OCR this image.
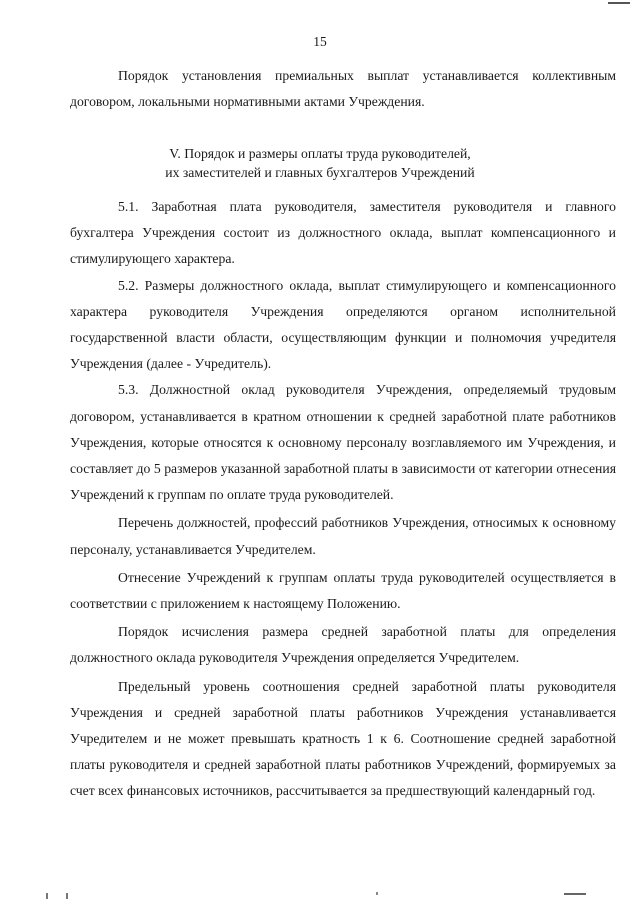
15

Порядок установления премиальных выплат устанавливается коллективным договором, локальными нормативными актами Учреждения.

V. Порядок и размеры оплаты труда руководителей,
их заместителей и главных бухгалтеров Учреждений

5.1. Заработная плата руководителя, заместителя руководителя и главного бухгалтера Учреждения состоит из должностного оклада, выплат компенсационного и стимулирующего характера.

5.2. Размеры должностного оклада, выплат стимулирующего и компенсационного характера руководителя Учреждения определяются органом исполнительной государственной власти области, осуществляющим функции и полномочия учредителя Учреждения (далее - Учредитель).

5.3. Должностной оклад руководителя Учреждения, определяемый трудовым договором, устанавливается в кратном отношении к средней заработной плате работников Учреждения, которые относятся к основному персоналу возглавляемого им Учреждения, и составляет до 5 размеров указанной заработной платы в зависимости от категории отнесения Учреждений к группам по оплате труда руководителей.

Перечень должностей, профессий работников Учреждения, относимых к основному персоналу, устанавливается Учредителем.

Отнесение Учреждений к группам оплаты труда руководителей осуществляется в соответствии с приложением к настоящему Положению.

Порядок исчисления размера средней заработной платы для определения должностного оклада руководителя Учреждения определяется Учредителем.

Предельный уровень соотношения средней заработной платы руководителя Учреждения и средней заработной платы работников Учреждения устанавливается Учредителем и не может превышать кратность 1 к 6. Соотношение средней заработной платы руководителя и средней заработной платы работников Учреждений, формируемых за счет всех финансовых источников, рассчитывается за предшествующий календарный год.
